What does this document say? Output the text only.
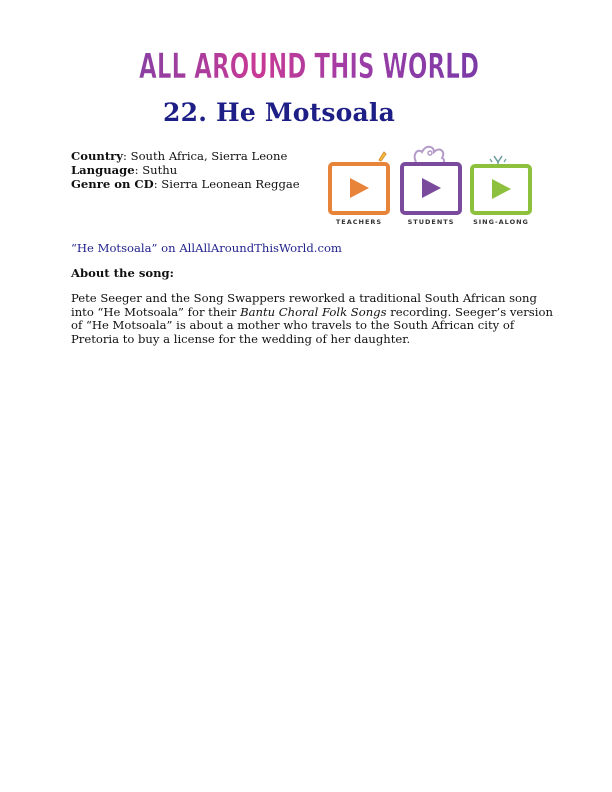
ALL AROUND THIS WORLD
22. He Motsoala
Country: South Africa, Sierra Leone
Language: Suthu
Genre on CD: Sierra Leonean Reggae
TEACHERS	STUDENTS	SING-ALONG
“He Motsoala” on AllAllAroundThisWorld.com
About the song:

Pete Seeger and the Song Swappers reworked a traditional South African song into “He Motsoala” for their Bantu Choral Folk Songs recording. Seeger’s version of “He Motsoala” is about a mother who travels to the South African city of Pretoria to buy a license for the wedding of her daughter.
